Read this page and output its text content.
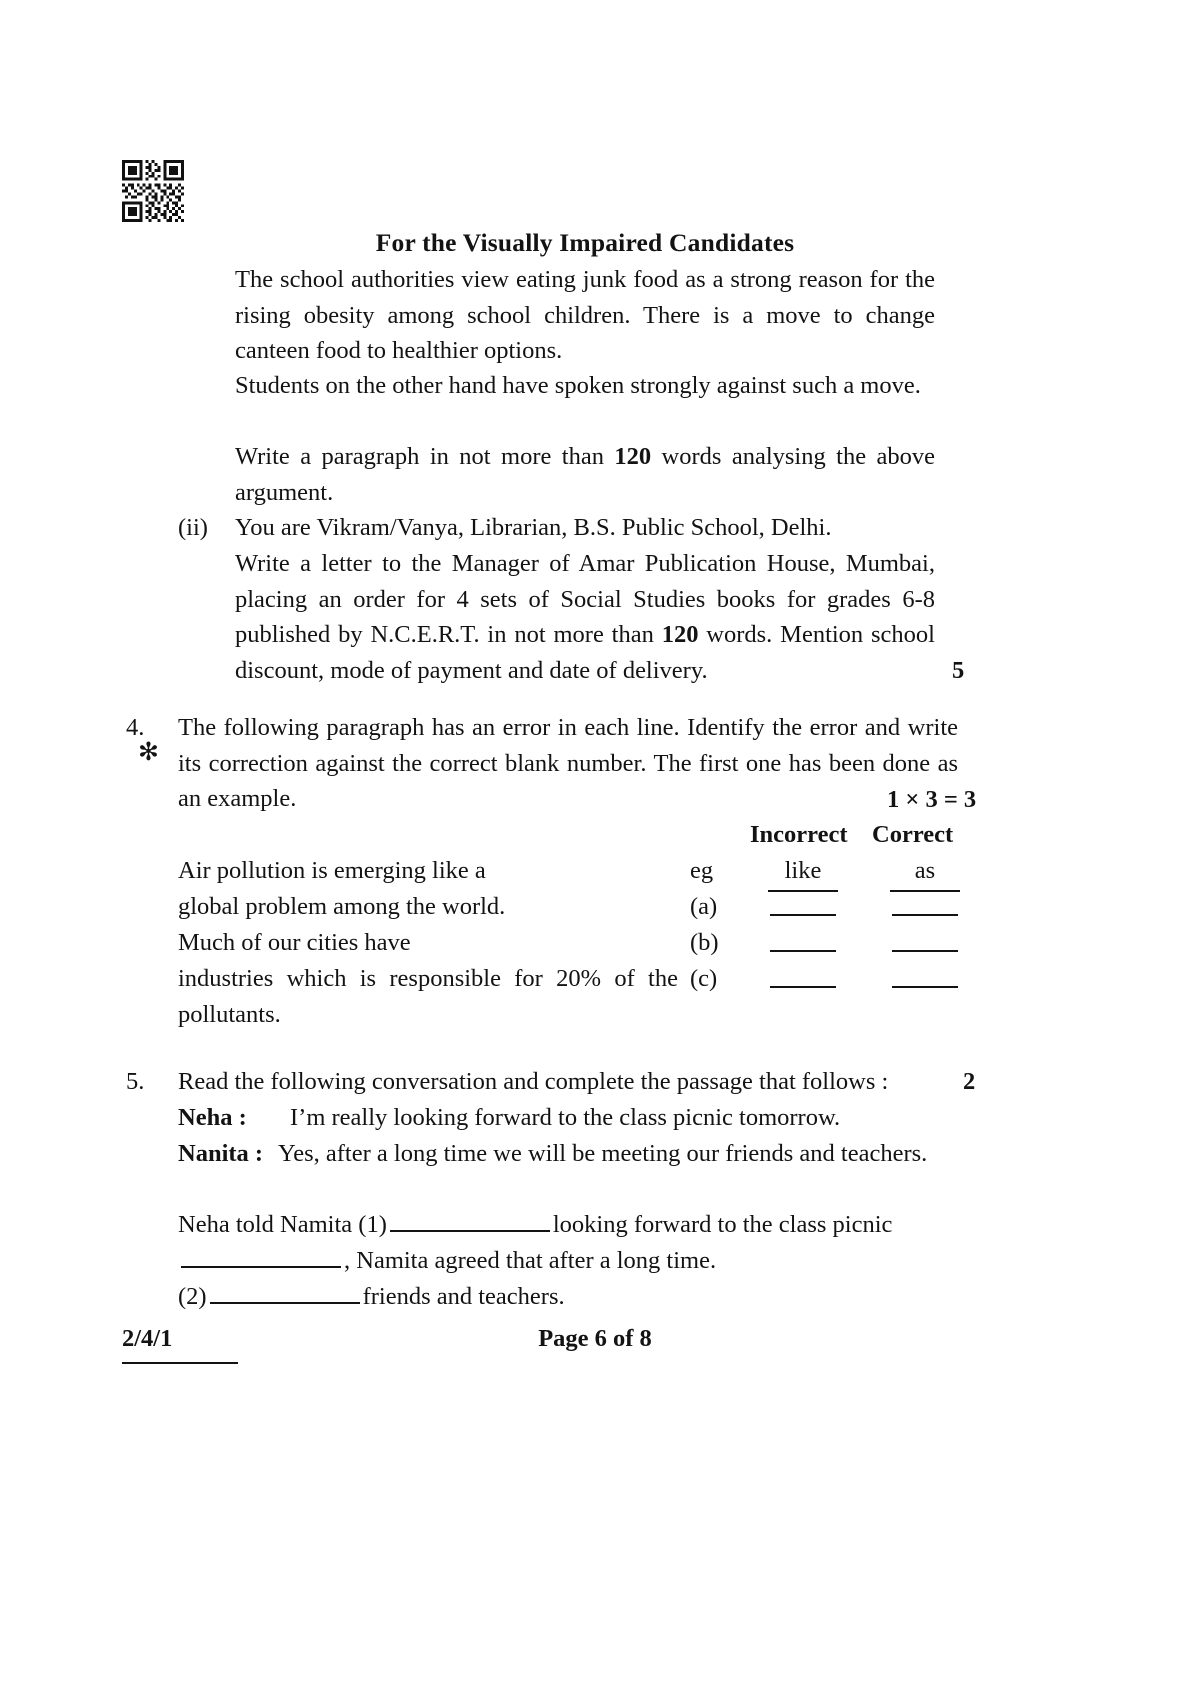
For the Visually Impaired Candidates
The school authorities view eating junk food as a strong reason for the rising obesity among school children. There is a move to change canteen food to healthier options.
Students on the other hand have spoken strongly against such a move.
Write a paragraph in not more than 120 words analysing the above argument.
(ii) You are Vikram/Vanya, Librarian, B.S. Public School, Delhi.
Write a letter to the Manager of Amar Publication House, Mumbai, placing an order for 4 sets of Social Studies books for grades 6-8 published by N.C.E.R.T. in not more than 120 words. Mention school discount, mode of payment and date of delivery.	5
4.
✻
The following paragraph has an error in each line. Identify the error and write its correction against the correct blank number. The first one has been done as an example.	1 × 3 = 3
Incorrect Correct
Air pollution is emerging like a	eg	like	as
global problem among the world.	(a)
Much of our cities have	(b)
industries which is responsible for 20% of the (c)
pollutants.
5. Read the following conversation and complete the passage that follows :	2
Neha :	I’m really looking forward to the class picnic tomorrow.
Nanita : Yes, after a long time we will be meeting our friends and teachers.
Neha told Namita (1)	looking forward to the class picnic
, Namita agreed that after a long time.
(2)	friends and teachers.
2/4/1	Page 6 of 8
